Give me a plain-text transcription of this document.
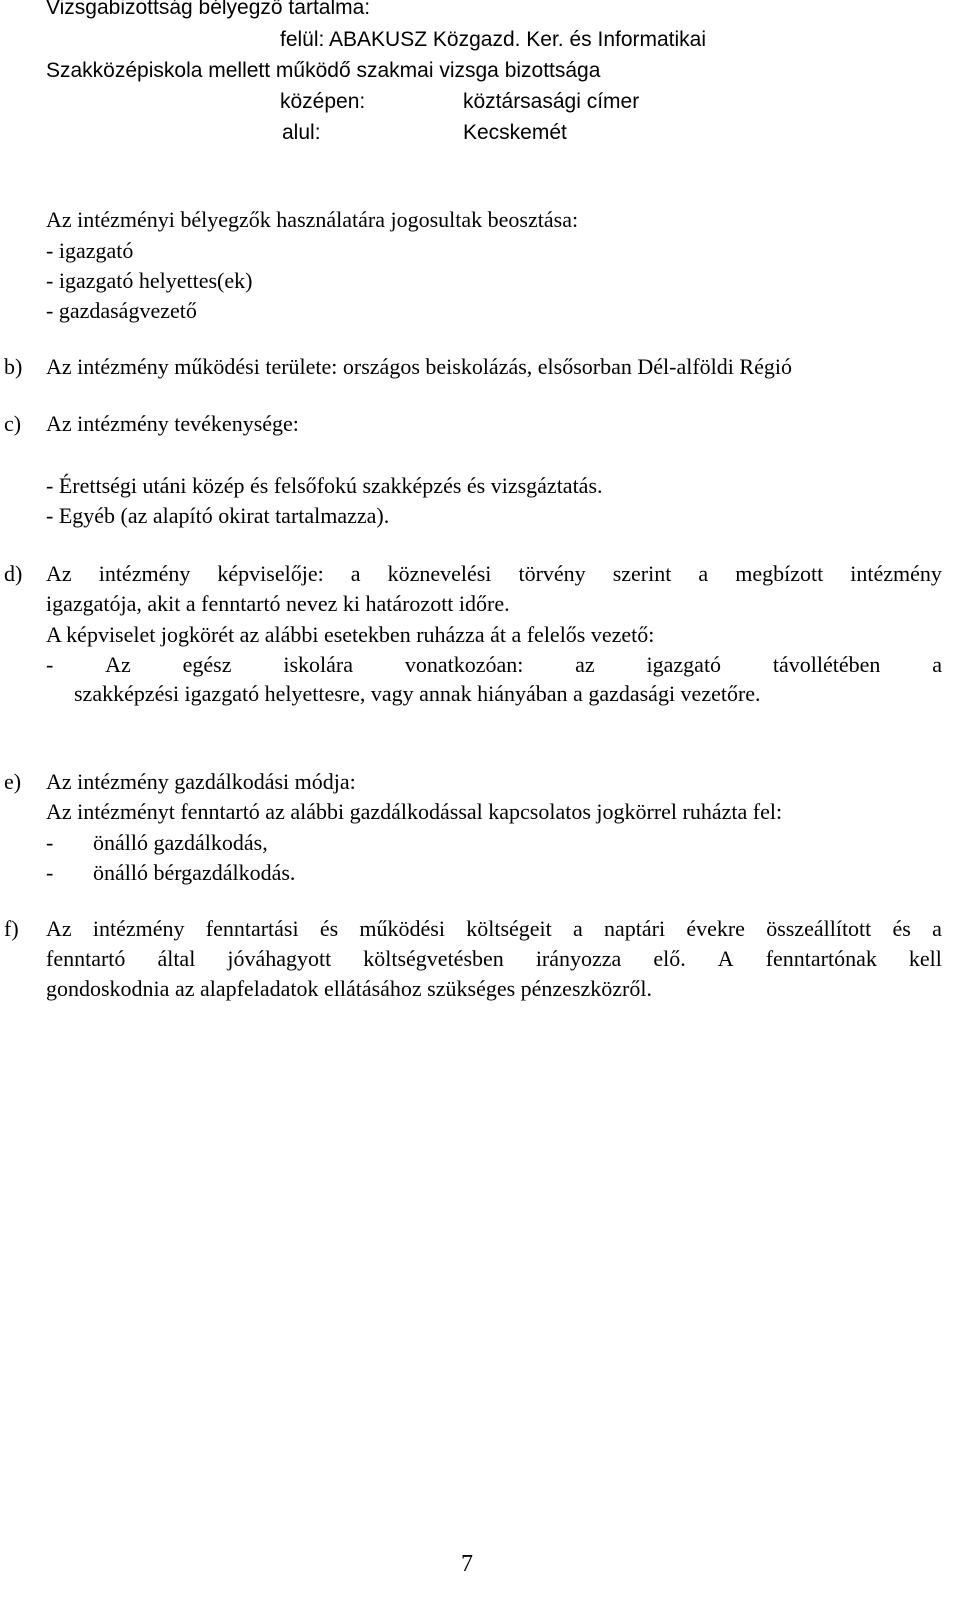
Vizsgabizottság bélyegző tartalma:
felül: ABAKUSZ Közgazd. Ker. és Informatikai
Szakközépiskola mellett működő szakmai vizsga bizottsága
középen:	köztársasági címer
alul:	Kecskemét
Az intézményi bélyegzők használatára jogosultak beosztása:
- igazgató
- igazgató helyettes(ek)
- gazdaságvezető
b) Az intézmény működési területe: országos beiskolázás, elsősorban Dél-alföldi Régió
c) Az intézmény tevékenysége:
- Érettségi utáni közép és felsőfokú szakképzés és vizsgáztatás.
- Egyéb (az alapító okirat tartalmazza).
d) Az intézmény képviselője: a köznevelési törvény szerint a megbízott intézmény
igazgatója, akit a fenntartó nevez ki határozott időre.
A képviselet jogkörét az alábbi esetekben ruházza át a felelős vezető:
- Az egész iskolára vonatkozóan: az igazgató távollétében a
szakképzési igazgató helyettesre, vagy annak hiányában a gazdasági vezetőre.
e) Az intézmény gazdálkodási módja:
Az intézményt fenntartó az alábbi gazdálkodással kapcsolatos jogkörrel ruházta fel:
- önálló gazdálkodás,
- önálló bérgazdálkodás.
f) Az intézmény fenntartási és működési költségeit a naptári évekre összeállított és a
fenntartó által jóváhagyott költségvetésben irányozza elő. A fenntartónak kell
gondoskodnia az alapfeladatok ellátásához szükséges pénzeszközről.
7
